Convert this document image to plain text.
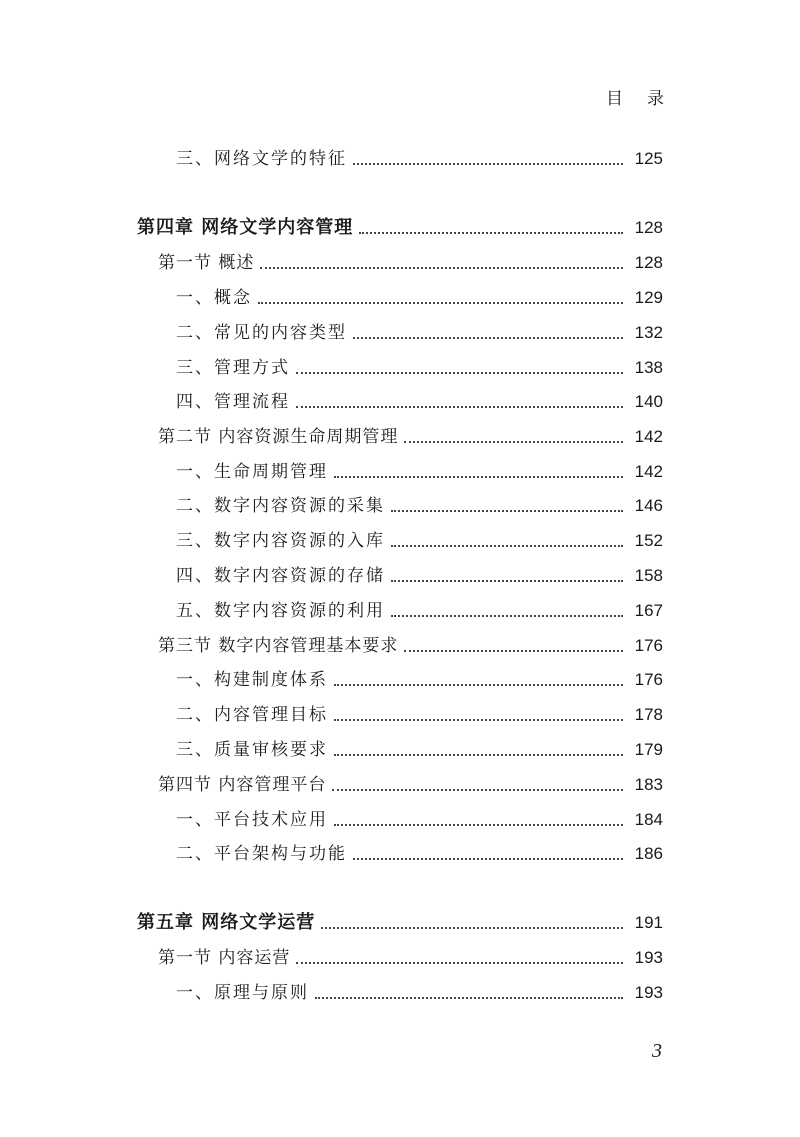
目 录
三、网络文学的特征	125
第四章 网络文学内容管理	128
第一节 概述	128
一、概念	129
二、常见的内容类型	132
三、管理方式	138
四、管理流程	140
第二节 内容资源生命周期管理	142
一、生命周期管理	142
二、数字内容资源的采集	146
三、数字内容资源的入库	152
四、数字内容资源的存储	158
五、数字内容资源的利用	167
第三节 数字内容管理基本要求	176
一、构建制度体系	176
二、内容管理目标	178
三、质量审核要求	179
第四节 内容管理平台	183
一、平台技术应用	184
二、平台架构与功能	186
第五章 网络文学运营	191
第一节 内容运营	193
一、原理与原则	193
3
